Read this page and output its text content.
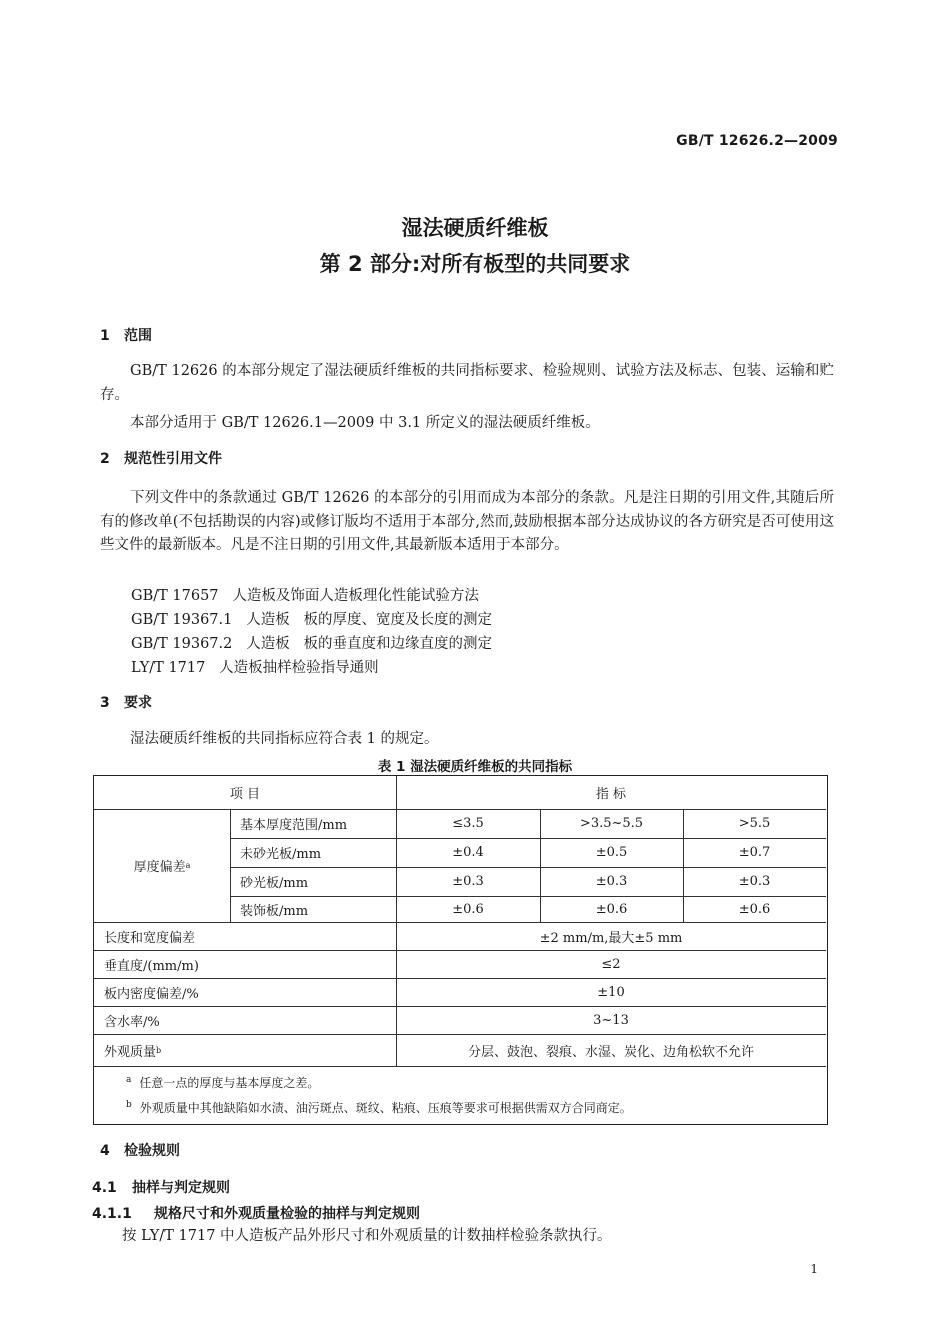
GB/T 12626.2—2009
湿法硬质纤维板
第 2 部分:对所有板型的共同要求
1 范围
GB/T 12626 的本部分规定了湿法硬质纤维板的共同指标要求、检验规则、试验方法及标志、包装、运输和贮存。
本部分适用于 GB/T 12626.1—2009 中 3.1 所定义的湿法硬质纤维板。
2 规范性引用文件
下列文件中的条款通过 GB/T 12626 的本部分的引用而成为本部分的条款。凡是注日期的引用文件,其随后所有的修改单(不包括勘误的内容)或修订版均不适用于本部分,然而,鼓励根据本部分达成协议的各方研究是否可使用这些文件的最新版本。凡是不注日期的引用文件,其最新版本适用于本部分。
GB/T 17657   人造板及饰面人造板理化性能试验方法
GB/T 19367.1   人造板   板的厚度、宽度及长度的测定
GB/T 19367.2   人造板   板的垂直度和边缘直度的测定
LY/T 1717   人造板抽样检验指导通则
3 要求
湿法硬质纤维板的共同指标应符合表 1 的规定。
表 1 湿法硬质纤维板的共同指标
项 目	指 标
厚度偏差 a
基本厚度范围/mm	≤3.5	>3.5~5.5	>5.5
未砂光板/mm	±0.4	±0.5	±0.7
砂光板/mm	±0.3	±0.3	±0.3
装饰板/mm	±0.6	±0.6	±0.6
长度和宽度偏差	±2 mm/m,最大±5 mm
垂直度/(mm/m)	≤2
板内密度偏差/%	±10
含水率/%	3~13
外观质量 b	分层、鼓泡、裂痕、水湿、炭化、边角松软不允许
$^a$ 任意一点的厚度与基本厚度之差。
$^b$ 外观质量中其他缺陷如水渍、油污斑点、斑纹、粘痕、压痕等要求可根据供需双方合同商定。
4 检验规则
4.1 抽样与判定规则
4.1.1 规格尺寸和外观质量检验的抽样与判定规则
按 LY/T 1717 中人造板产品外形尺寸和外观质量的计数抽样检验条款执行。
1
